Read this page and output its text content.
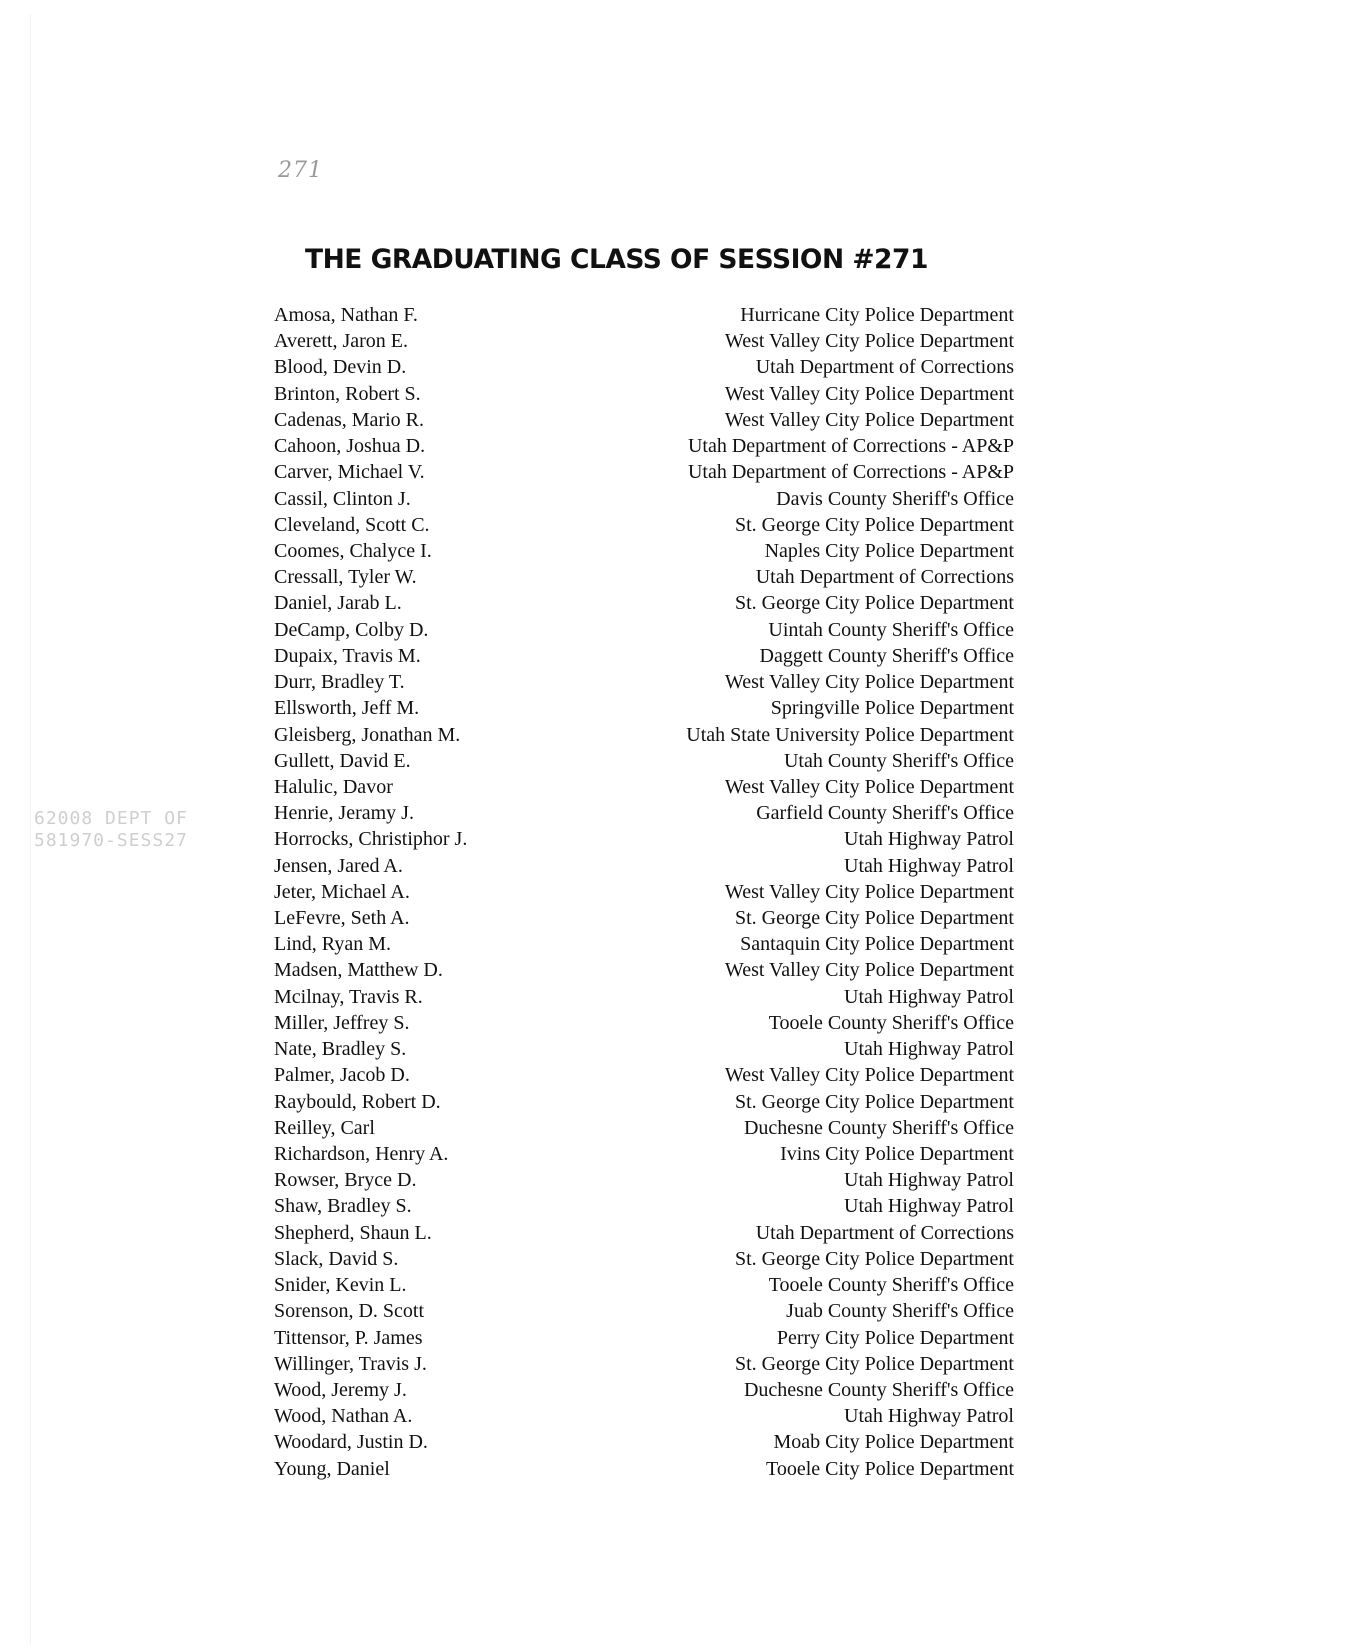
271
THE GRADUATING CLASS OF SESSION #271
Amosa, Nathan F.	Hurricane City Police Department
Averett, Jaron E.	West Valley City Police Department
Blood, Devin D.	Utah Department of Corrections
Brinton, Robert S.	West Valley City Police Department
Cadenas, Mario R.	West Valley City Police Department
Cahoon, Joshua D.	Utah Department of Corrections - AP&P
Carver, Michael V.	Utah Department of Corrections - AP&P
Cassil, Clinton J.	Davis County Sheriff's Office
Cleveland, Scott C.	St. George City Police Department
Coomes, Chalyce I.	Naples City Police Department
Cressall, Tyler W.	Utah Department of Corrections
Daniel, Jarab L.	St. George City Police Department
DeCamp, Colby D.	Uintah County Sheriff's Office
Dupaix, Travis M.	Daggett County Sheriff's Office
Durr, Bradley T.	West Valley City Police Department
Ellsworth, Jeff M.	Springville Police Department
Gleisberg, Jonathan M.	Utah State University Police Department
Gullett, David E.	Utah County Sheriff's Office
Halulic, Davor	West Valley City Police Department
Henrie, Jeramy J.	Garfield County Sheriff's Office
Horrocks, Christiphor J.	Utah Highway Patrol
Jensen, Jared A.	Utah Highway Patrol
Jeter, Michael A.	West Valley City Police Department
LeFevre, Seth A.	St. George City Police Department
Lind, Ryan M.	Santaquin City Police Department
Madsen, Matthew D.	West Valley City Police Department
Mcilnay, Travis R.	Utah Highway Patrol
Miller, Jeffrey S.	Tooele County Sheriff's Office
Nate, Bradley S.	Utah Highway Patrol
Palmer, Jacob D.	West Valley City Police Department
Raybould, Robert D.	St. George City Police Department
Reilley, Carl	Duchesne County Sheriff's Office
Richardson, Henry A.	Ivins City Police Department
Rowser, Bryce D.	Utah Highway Patrol
Shaw, Bradley S.	Utah Highway Patrol
Shepherd, Shaun L.	Utah Department of Corrections
Slack, David S.	St. George City Police Department
Snider, Kevin L.	Tooele County Sheriff's Office
Sorenson, D. Scott	Juab County Sheriff's Office
Tittensor, P. James	Perry City Police Department
Willinger, Travis J.	St. George City Police Department
Wood, Jeremy J.	Duchesne County Sheriff's Office
Wood, Nathan A.	Utah Highway Patrol
Woodard, Justin D.	Moab City Police Department
Young, Daniel	Tooele City Police Department
62008 DEPT OF
581970-SESS27
